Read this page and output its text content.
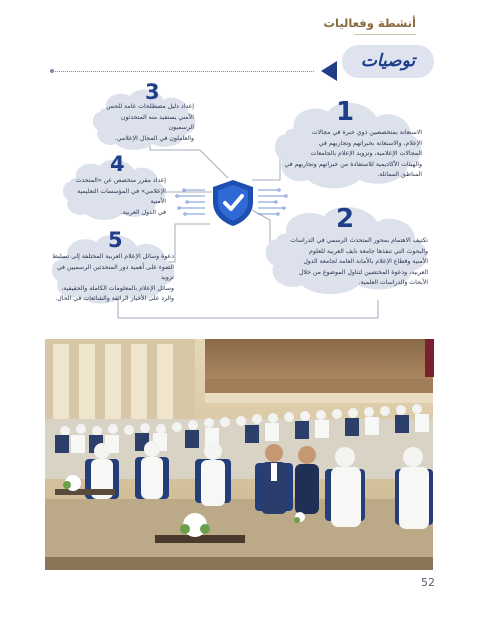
أنشطة وفعاليات
توصيات
3
إعداد دليل مصطلحات عامة للحس
الأمني يستفيد منه المتحدثون الرسميون
والعاملون في المجال الإعلامي.
4
إعداد مقرر متخصص عن «المتحدث
الإعلامي» في المؤسسات التعليمية الأمنية
في الدول العربية.
5
دعوة وسائل الإعلام العربية المختلفة إلى تسليط
الضوء على أهمية دور المتحدثين الرسميين في تزويد
وسائل الإعلام بالمعلومات الكاملة والحقيقية،
والرد على الأخبار الزائفة والشائعات في الحال.
1
الاستعانة بمتخصصين ذوي خبرة في مجالات
الإعلام، والاستعانة بخبراتهم وتجاربهم في
المجالات الإعلامية، وتزويد الإعلام بالجامعات
والهيئات الأكاديمية للاستفادة من خبراتهم وتجاربهم في
المناطق المماثلة.
2
تكثيف الاهتمام بمحور المتحدث الرسمي في الدراسات
والبحوث التي تنفذها جامعة نايف العربية للعلوم
الأمنية وقطاع الإعلام بالأمانة العامة لجامعة الدول
العربية، ودعوة المختصين لتناول الموضوع من خلال
الأبحاث والدراسات العلمية.
52
